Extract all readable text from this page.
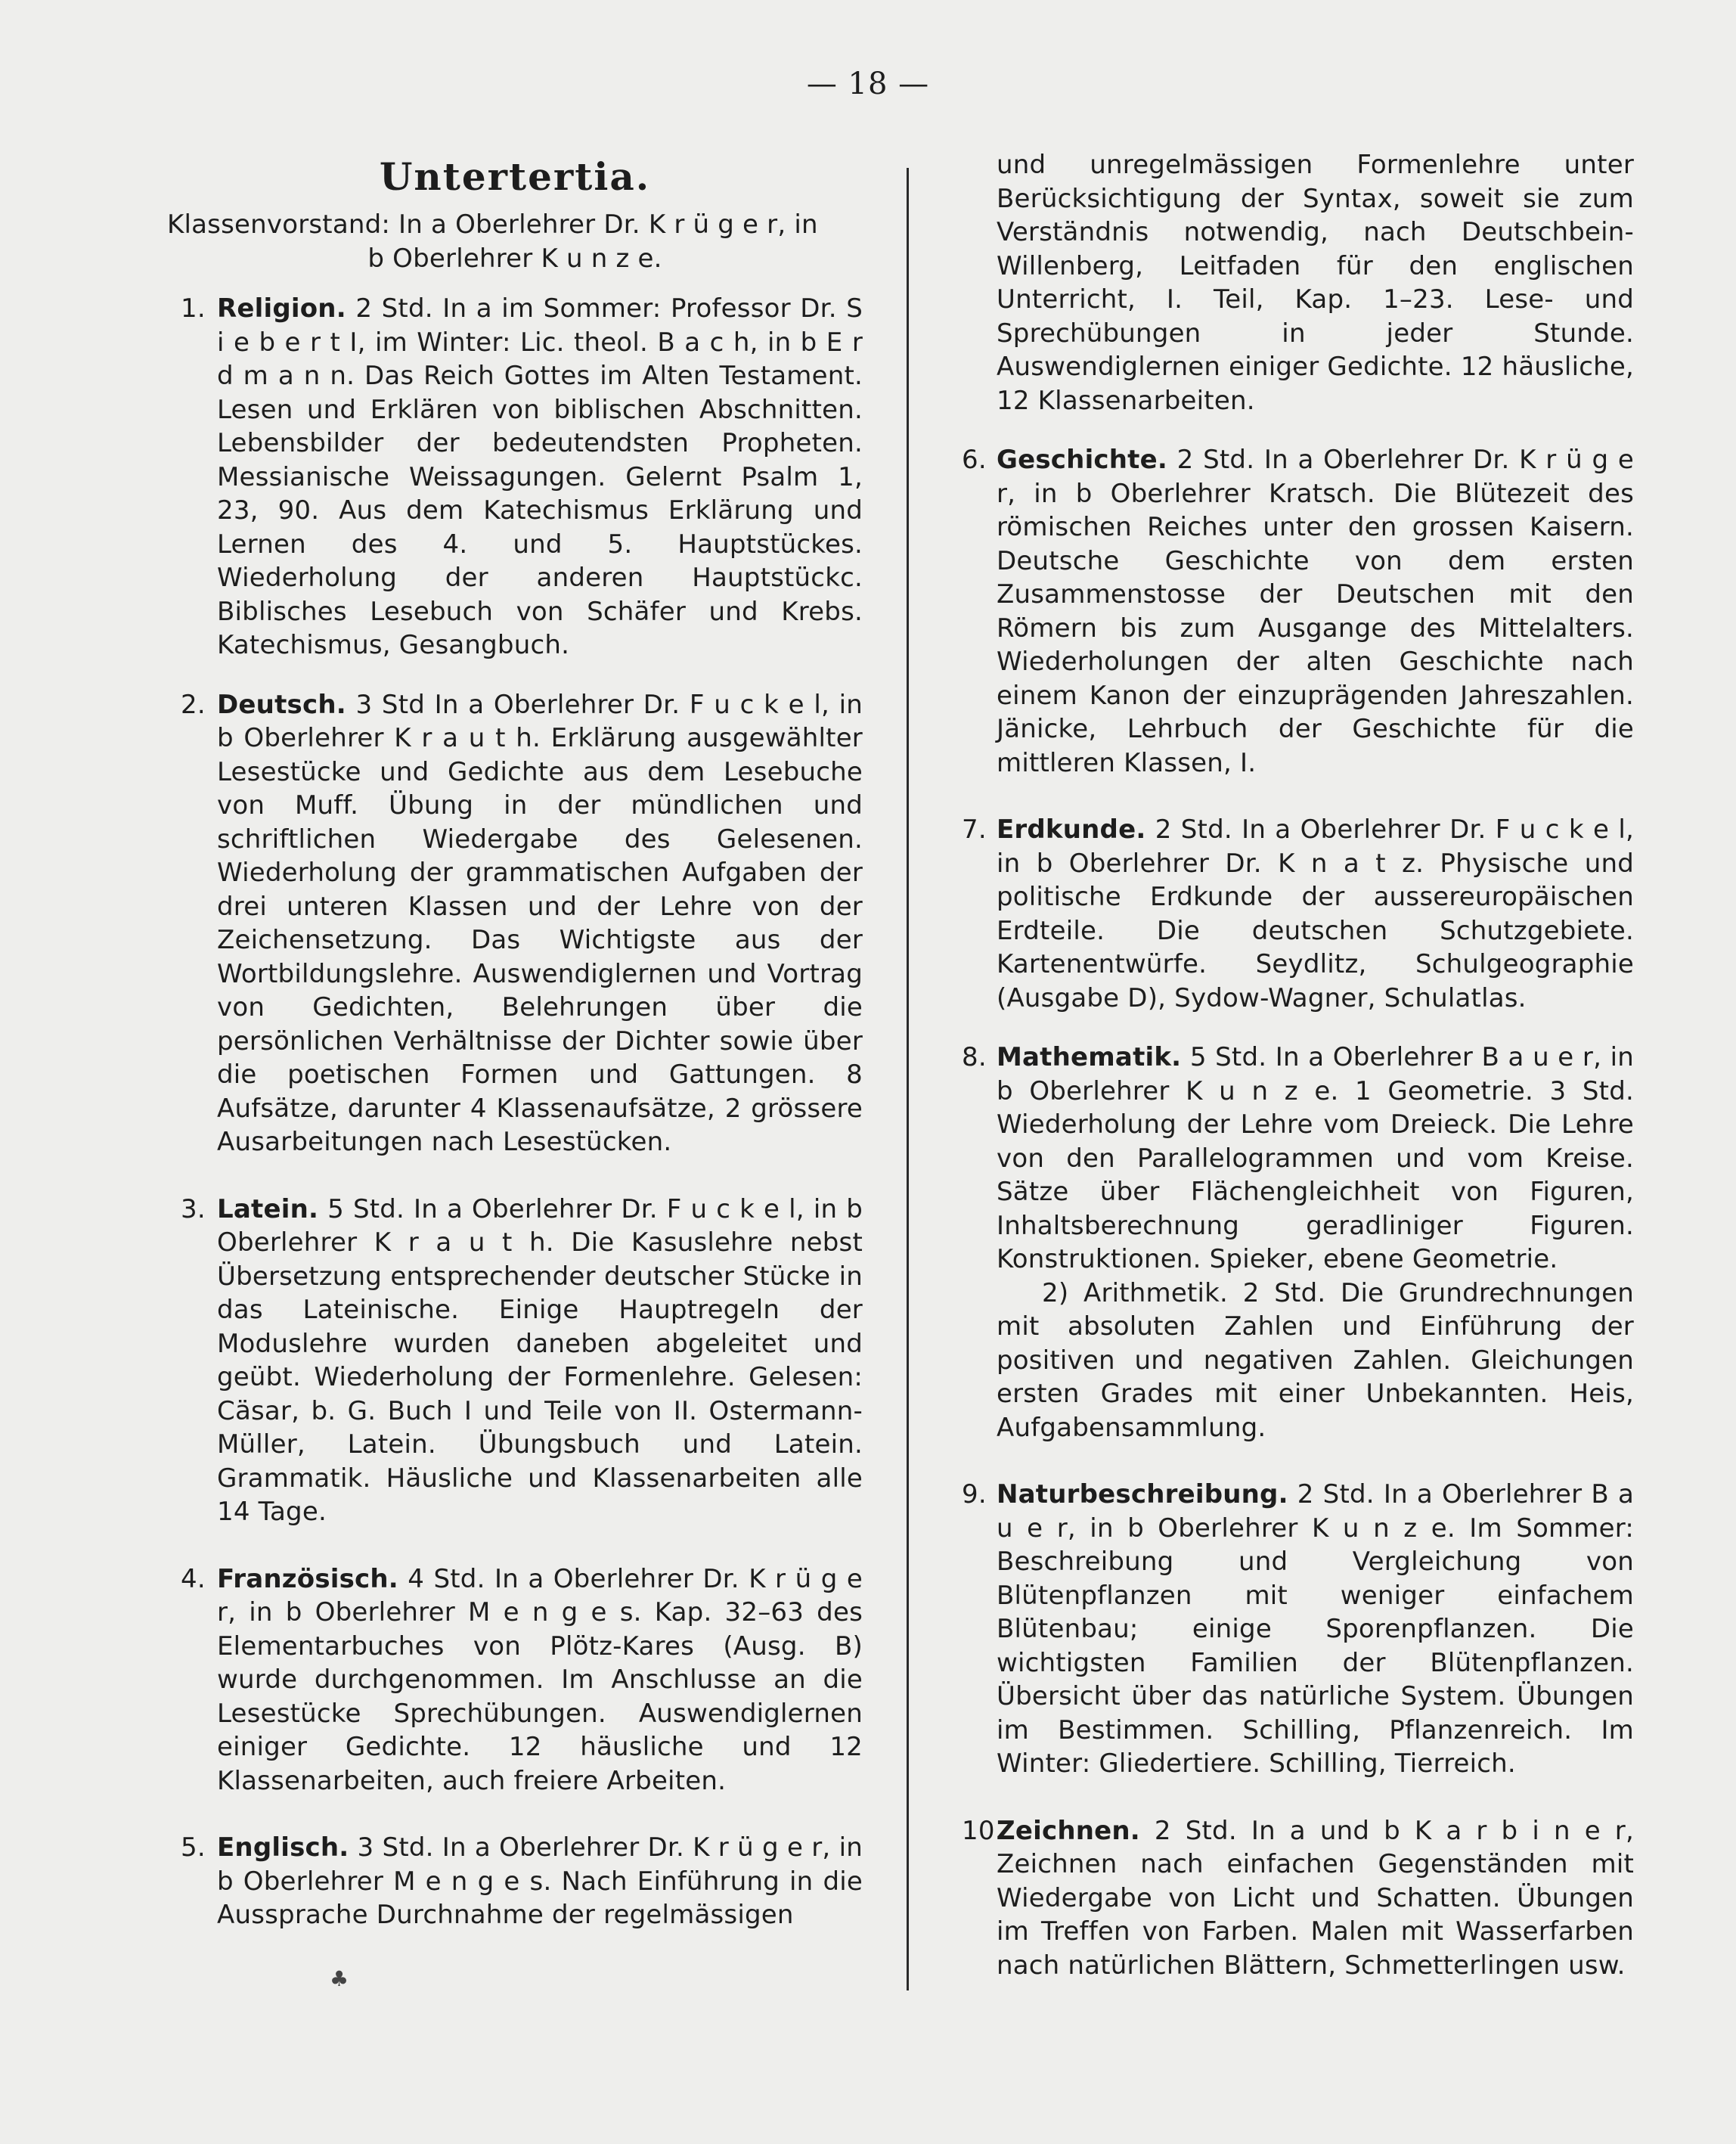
— 18 —
Untertertia.

Klassenvorstand: In a Oberlehrer Dr. K r ü g e r, in

b Oberlehrer K u n z e.

1. Religion. 2 Std. In a im Sommer: Professor Dr. S i e b e r t I, im Winter: Lic. theol. B a c h, in b E r d m a n n. Das Reich Gottes im Alten Testament. Lesen und Erklären von biblischen Abschnitten. Lebensbilder der bedeutendsten Propheten. Messianische Weissagungen. Gelernt Psalm 1, 23, 90. Aus dem Katechismus Erklärung und Lernen des 4. und 5. Hauptstückes. Wiederholung der anderen Hauptstückc. Biblisches Lesebuch von Schäfer und Krebs. Katechismus, Gesangbuch.
2. Deutsch. 3 Std In a Oberlehrer Dr. F u c k e l, in b Oberlehrer K r a u t h. Erklärung ausgewählter Lesestücke und Gedichte aus dem Lesebuche von Muff. Übung in der mündlichen und schriftlichen Wiedergabe des Gelesenen. Wiederholung der grammatischen Aufgaben der drei unteren Klassen und der Lehre von der Zeichensetzung. Das Wichtigste aus der Wortbildungslehre. Auswendiglernen und Vortrag von Gedichten, Belehrungen über die persönlichen Verhältnisse der Dichter sowie über die poetischen Formen und Gattungen. 8 Aufsätze, darunter 4 Klassenaufsätze, 2 grössere Ausarbeitungen nach Lesestücken.
3. Latein. 5 Std. In a Oberlehrer Dr. F u c k e l, in b Oberlehrer K r a u t h. Die Kasuslehre nebst Übersetzung entsprechender deutscher Stücke in das Lateinische. Einige Hauptregeln der Moduslehre wurden daneben abgeleitet und geübt. Wiederholung der Formenlehre. Gelesen: Cäsar, b. G. Buch I und Teile von II. Ostermann-Müller, Latein. Übungsbuch und Latein. Grammatik. Häusliche und Klassenarbeiten alle 14 Tage.
4. Französisch. 4 Std. In a Oberlehrer Dr. K r ü g e r, in b Oberlehrer M e n g e s. Kap. 32–63 des Elementarbuches von Plötz-Kares (Ausg. B) wurde durchgenommen. Im Anschlusse an die Lesestücke Sprechübungen. Auswendiglernen einiger Gedichte. 12 häusliche und 12 Klassenarbeiten, auch freiere Arbeiten.
5. Englisch. 3 Std. In a Oberlehrer Dr. K r ü g e r, in b Oberlehrer M e n g e s. Nach Einführung in die Aussprache Durchnahme der regelmässigen

und unregelmässigen Formenlehre unter Berücksichtigung der Syntax, soweit sie zum Verständnis notwendig, nach Deutschbein-Willenberg, Leitfaden für den englischen Unterricht, I. Teil, Kap. 1–23. Lese- und Sprechübungen in jeder Stunde. Auswendiglernen einiger Gedichte. 12 häusliche, 12 Klassenarbeiten.

6. Geschichte. 2 Std. In a Oberlehrer Dr. K r ü g e r, in b Oberlehrer Kratsch. Die Blütezeit des römischen Reiches unter den grossen Kaisern. Deutsche Geschichte von dem ersten Zusammenstosse der Deutschen mit den Römern bis zum Ausgange des Mittelalters. Wiederholungen der alten Geschichte nach einem Kanon der einzuprägenden Jahreszahlen. Jänicke, Lehrbuch der Geschichte für die mittleren Klassen, I.
7. Erdkunde. 2 Std. In a Oberlehrer Dr. F u c k e l, in b Oberlehrer Dr. K n a t z. Physische und politische Erdkunde der aussereuropäischen Erdteile. Die deutschen Schutzgebiete. Kartenentwürfe. Seydlitz, Schulgeographie (Ausgabe D), Sydow-Wagner, Schulatlas.
8. Mathematik. 5 Std. In a Oberlehrer B a u e r, in b Oberlehrer K u n z e. 1 Geometrie. 3 Std. Wiederholung der Lehre vom Dreieck. Die Lehre von den Parallelogrammen und vom Kreise. Sätze über Flächengleichheit von Figuren, Inhaltsberechnung geradliniger Figuren. Konstruktionen. Spieker, ebene Geometrie.
2) Arithmetik. 2 Std. Die Grundrechnungen mit absoluten Zahlen und Einführung der positiven und negativen Zahlen. Gleichungen ersten Grades mit einer Unbekannten. Heis, Aufgabensammlung.
9. Naturbeschreibung. 2 Std. In a Oberlehrer B a u e r, in b Oberlehrer K u n z e. Im Sommer: Beschreibung und Vergleichung von Blütenpflanzen mit weniger einfachem Blütenbau; einige Sporenpflanzen. Die wichtigsten Familien der Blütenpflanzen. Übersicht über das natürliche System. Übungen im Bestimmen. Schilling, Pflanzenreich. Im Winter: Gliedertiere. Schilling, Tierreich.
10.
Zeichnen. 2 Std. In a und b K a r b i n e r, Zeichnen nach einfachen Gegenständen mit Wiedergabe von Licht und Schatten. Übungen im Treffen von Farben. Malen mit Wasserfarben nach natürlichen Blättern, Schmetterlingen usw.
♣
